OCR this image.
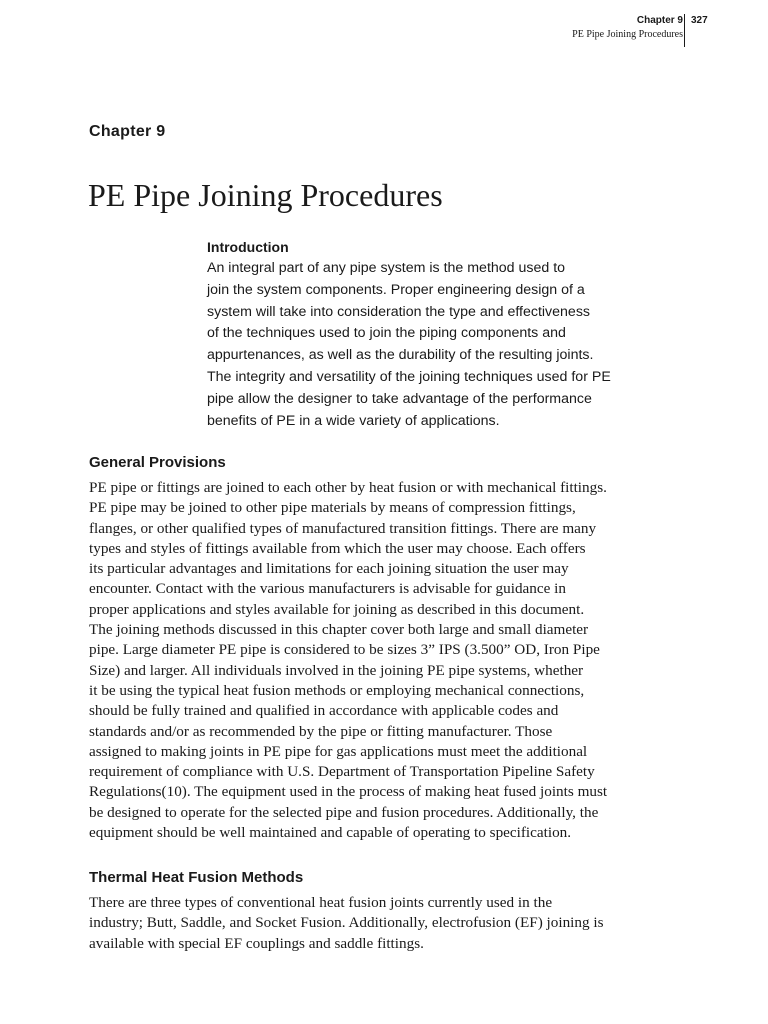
Chapter 9
PE Pipe Joining Procedures
327
Chapter 9
PE Pipe Joining Procedures
Introduction
An integral part of any pipe system is the method used to
join the system components. Proper engineering design of a
system will take into consideration the type and effectiveness
of the techniques used to join the piping components and
appurtenances, as well as the durability of the resulting joints.
The integrity and versatility of the joining techniques used for PE
pipe allow the designer to take advantage of the performance
benefits of PE in a wide variety of applications.
General Provisions
PE pipe or fittings are joined to each other by heat fusion or with mechanical fittings.
PE pipe may be joined to other pipe materials by means of compression fittings,
flanges, or other qualified types of manufactured transition fittings. There are many
types and styles of fittings available from which the user may choose. Each offers
its particular advantages and limitations for each joining situation the user may
encounter. Contact with the various manufacturers is advisable for guidance in
proper applications and styles available for joining as described in this document.
The joining methods discussed in this chapter cover both large and small diameter
pipe. Large diameter PE pipe is considered to be sizes 3” IPS (3.500” OD, Iron Pipe
Size) and larger. All individuals involved in the joining PE pipe systems, whether
it be using the typical heat fusion methods or employing mechanical connections,
should be fully trained and qualified in accordance with applicable codes and
standards and/or as recommended by the pipe or fitting manufacturer. Those
assigned to making joints in PE pipe for gas applications must meet the additional
requirement of compliance with U.S. Department of Transportation Pipeline Safety
Regulations(10). The equipment used in the process of making heat fused joints must
be designed to operate for the selected pipe and fusion procedures. Additionally, the
equipment should be well maintained and capable of operating to specification.
Thermal Heat Fusion Methods
There are three types of conventional heat fusion joints currently used in the
industry; Butt, Saddle, and Socket Fusion. Additionally, electrofusion (EF) joining is
available with special EF couplings and saddle fittings.
